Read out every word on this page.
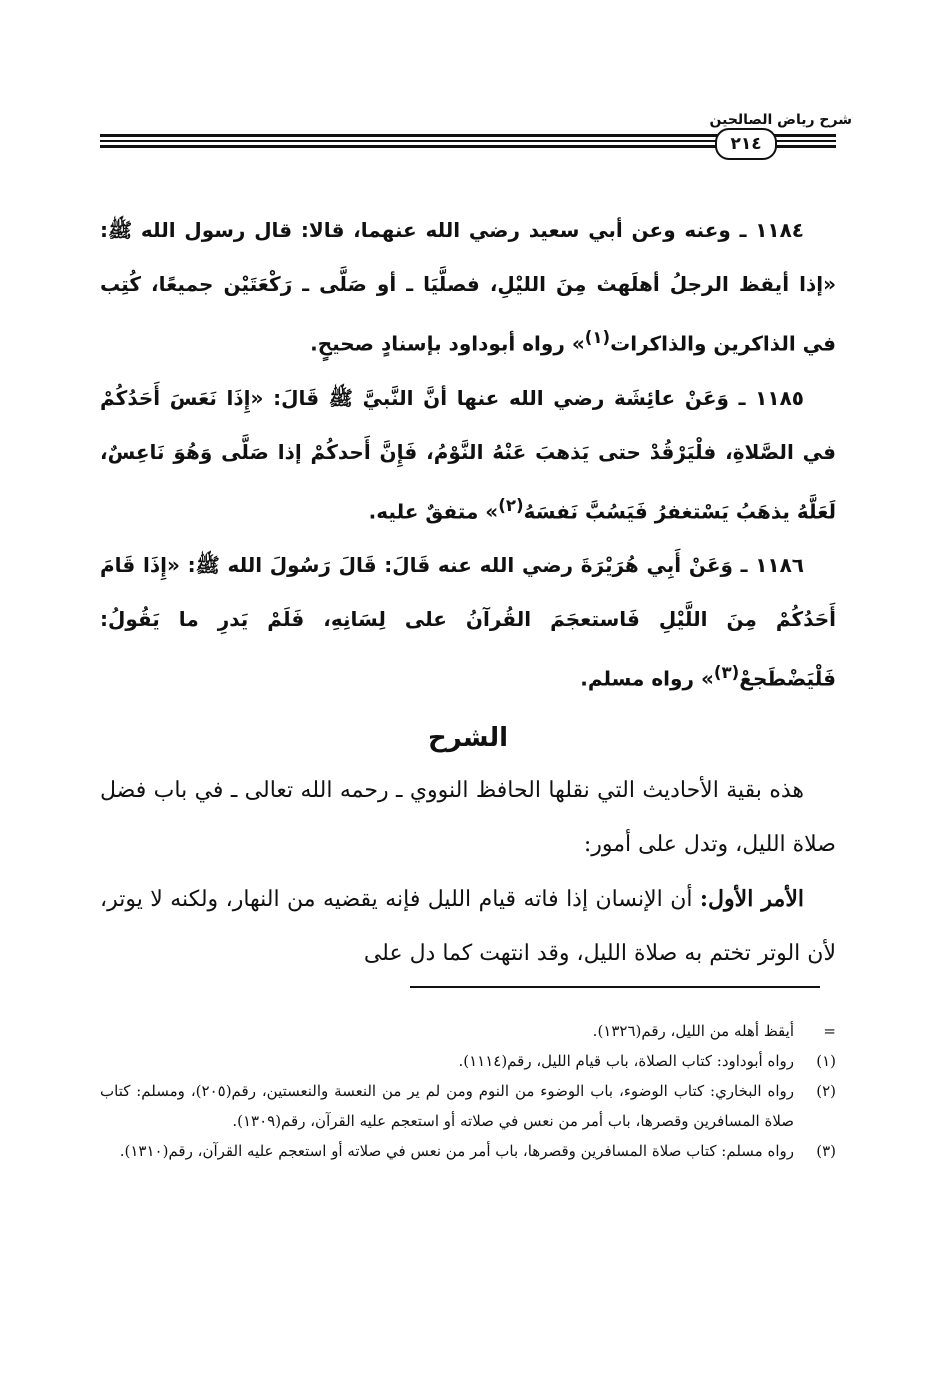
شرح رياض الصالحين
٢١٤

١١٨٤ ـ وعنه وعن أبي سعيد رضي الله عنهما، قالا: قال رسول الله ﷺ: «إذا أيقظ الرجلُ أهلَهث مِنَ الليْلِ، فصلَّيَا ـ أو صَلَّى ـ رَكْعَتَيْن جميعًا، كُتِب في الذاكرين والذاكرات$^{(١)}$» رواه أبوداود بإسنادٍ صحيحٍ.

١١٨٥ ـ وَعَنْ عائِشَة رضي الله عنها أنَّ النَّبيَّ ﷺ قَالَ: «إِذَا نَعَسَ أَحَدُكُمْ في الصَّلاةِ، فلْيَرْقُدْ حتى يَذهبَ عَنْهُ النَّوْمُ، فَإِنَّ أَحدكُمْ إذا صَلَّى وَهُوَ نَاعِسٌ، لَعَلَّهُ يذهَبُ يَسْتغفرُ فَيَسُبَّ نَفسَهُ$^{(٢)}$» متفقٌ عليه.

١١٨٦ ـ وَعَنْ أَبِي هُرَيْرَةَ رضي الله عنه قَالَ: قَالَ رَسُولَ الله ﷺ: «إِذَا قَامَ أَحَدُكُمْ مِنَ اللَّيْلِ فَاستعجَمَ القُرآنُ على لِسَانِهِ، فَلَمْ يَدرِ ما يَقُولُ: فَلْيَضْطَجعْ$^{(٣)}$» رواه مسلم.

الشرح

هذه بقية الأحاديث التي نقلها الحافظ النووي ـ رحمه الله تعالى ـ في باب فضل صلاة الليل، وتدل على أمور:

الأمر الأول: أن الإنسان إذا فاته قيام الليل فإنه يقضيه من النهار، ولكنه لا يوتر، لأن الوتر تختم به صلاة الليل، وقد انتهت كما دل على

=
أيقظ أهله من الليل، رقم(١٣٢٦).
(١)
رواه أبوداود: كتاب الصلاة، باب قيام الليل، رقم(١١١٤).
(٢)
رواه البخاري: كتاب الوضوء، باب الوضوء من النوم ومن لم ير من النعسة والنعستين، رقم(٢٠٥)، ومسلم: كتاب صلاة المسافرين وقصرها، باب أمر من نعس في صلاته أو استعجم عليه القرآن، رقم(١٣٠٩).
(٣)
رواه مسلم: كتاب صلاة المسافرين وقصرها، باب أمر من نعس في صلاته أو استعجم عليه القرآن، رقم(١٣١٠).
